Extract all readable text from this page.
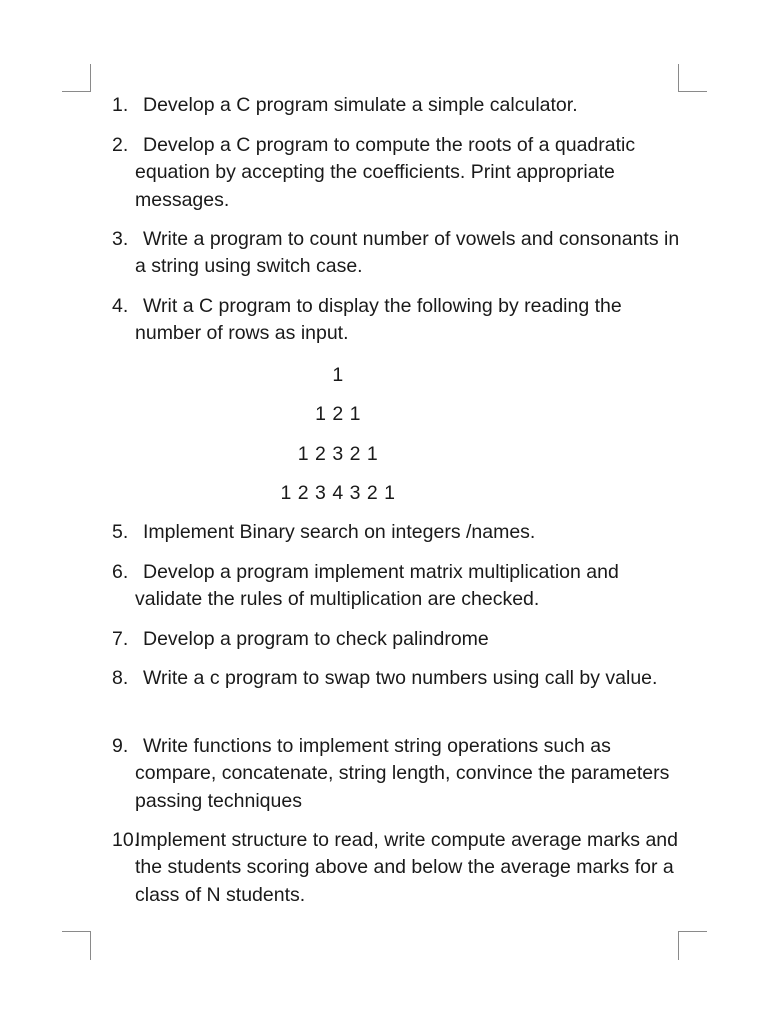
1. Develop a C program simulate a simple calculator.
2. Develop a C program to compute the roots of a quadratic equation by accepting the coefficients. Print appropriate messages.
3. Write a program to count number of vowels and consonants in a string using switch case.
4. Writ a C program to display the following by reading the number of rows as input.
1
1 2 1
1 2 3 2 1
1 2 3 4 3 2 1
5. Implement Binary search on integers /names.
6. Develop a program implement matrix multiplication and validate the rules of multiplication are checked.
7. Develop a program to check palindrome
8. Write a c program to swap two numbers using call by value.
9. Write functions to implement string operations such as compare, concatenate, string length, convince the parameters passing techniques
10.
Implement structure to read, write compute average marks and the students scoring above and below the average marks for a class of N students.
